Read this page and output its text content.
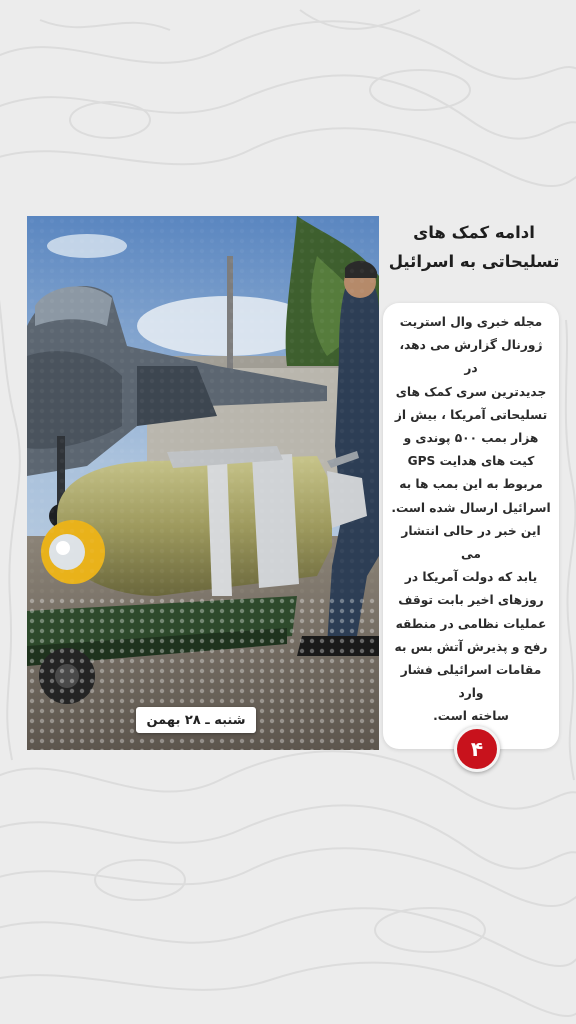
شنبه ـ ۲۸ بهمن
ادامه کمک های
تسلیحاتی به اسرائیل
مجله خبری وال استریت
ژورنال گزارش می دهد، در
جدیدترین سری کمک های
تسلیحاتی آمریکا ، بیش از
هزار بمب ۵۰۰ پوندی و
کیت های هدایت GPS
مربوط به این بمب ها به
اسرائیل ارسال شده است.
این خبر در حالی انتشار می
یابد که دولت آمریکا در
روزهای اخیر بابت توقف
عملیات نظامی در منطقه
رفح و پذیرش آتش بس به
مقامات اسرائیلی فشار وارد
ساخته است.
۴
